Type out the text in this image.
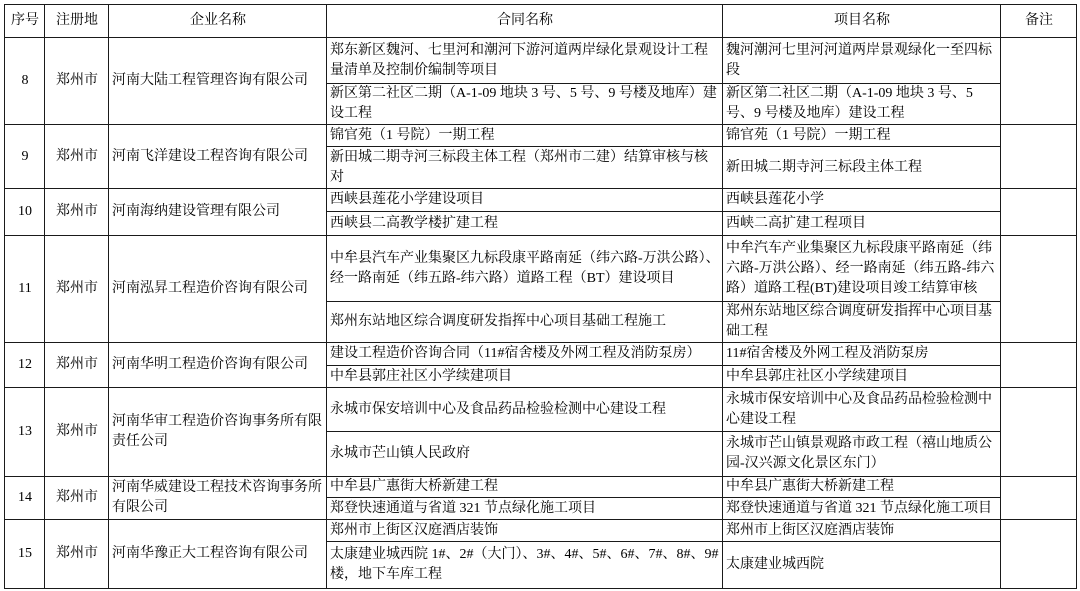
序号	注册地	企业名称	合同名称	项目名称	备注
8	郑州市	河南大陆工程管理咨询有限公司	郑东新区魏河、七里河和潮河下游河道两岸绿化景观设计工程量清单及控制价编制等项目	魏河潮河七里河河道两岸景观绿化一至四标段	

			新区第二社区二期（A-1-09 地块 3 号、5 号、9 号楼及地库）建设工程	新区第二社区二期（A-1-09 地块 3 号、5 号、9 号楼及地库）建设工程	

9	郑州市	河南飞洋建设工程咨询有限公司	锦官苑（1 号院）一期工程	锦官苑（1 号院）一期工程	

			新田城二期寺河三标段主体工程（郑州市二建）结算审核与核对	新田城二期寺河三标段主体工程	

10	郑州市	河南海纳建设管理有限公司	西峡县莲花小学建设项目	西峡县莲花小学	

			西峡县二高教学楼扩建工程	西峡二高扩建工程项目	

11	郑州市	河南泓昇工程造价咨询有限公司	中牟县汽车产业集聚区九标段康平路南延（纬六路-万洪公路）、经一路南延（纬五路-纬六路）道路工程（BT）建设项目	中牟汽车产业集聚区九标段康平路南延（纬六路-万洪公路）、经一路南延（纬五路-纬六路）道路工程(BT)建设项目竣工结算审核	

			郑州东站地区综合调度研发指挥中心项目基础工程施工	郑州东站地区综合调度研发指挥中心项目基础工程	

12	郑州市	河南华明工程造价咨询有限公司	建设工程造价咨询合同（11#宿舍楼及外网工程及消防泵房）	11#宿舍楼及外网工程及消防泵房	

			中牟县郭庄社区小学续建项目	中牟县郭庄社区小学续建项目	

13	郑州市	河南华审工程造价咨询事务所有限责任公司	永城市保安培训中心及食品药品检验检测中心建设工程	永城市保安培训中心及食品药品检验检测中心建设工程	

			永城市芒山镇人民政府	永城市芒山镇景观路市政工程（禧山地质公园-汉兴源文化景区东门）	

14	郑州市	河南华威建设工程技术咨询事务所有限公司	中牟县广惠街大桥新建工程	中牟县广惠街大桥新建工程	

			郑登快速通道与省道 321 节点绿化施工项目	郑登快速通道与省道 321 节点绿化施工项目	

15	郑州市	河南华豫正大工程咨询有限公司	郑州市上街区汉庭酒店装饰	郑州市上街区汉庭酒店装饰	

			太康建业城西院 1#、2#（大门）、3#、4#、5#、6#、7#、8#、9#楼，地下车库工程	太康建业城西院	
